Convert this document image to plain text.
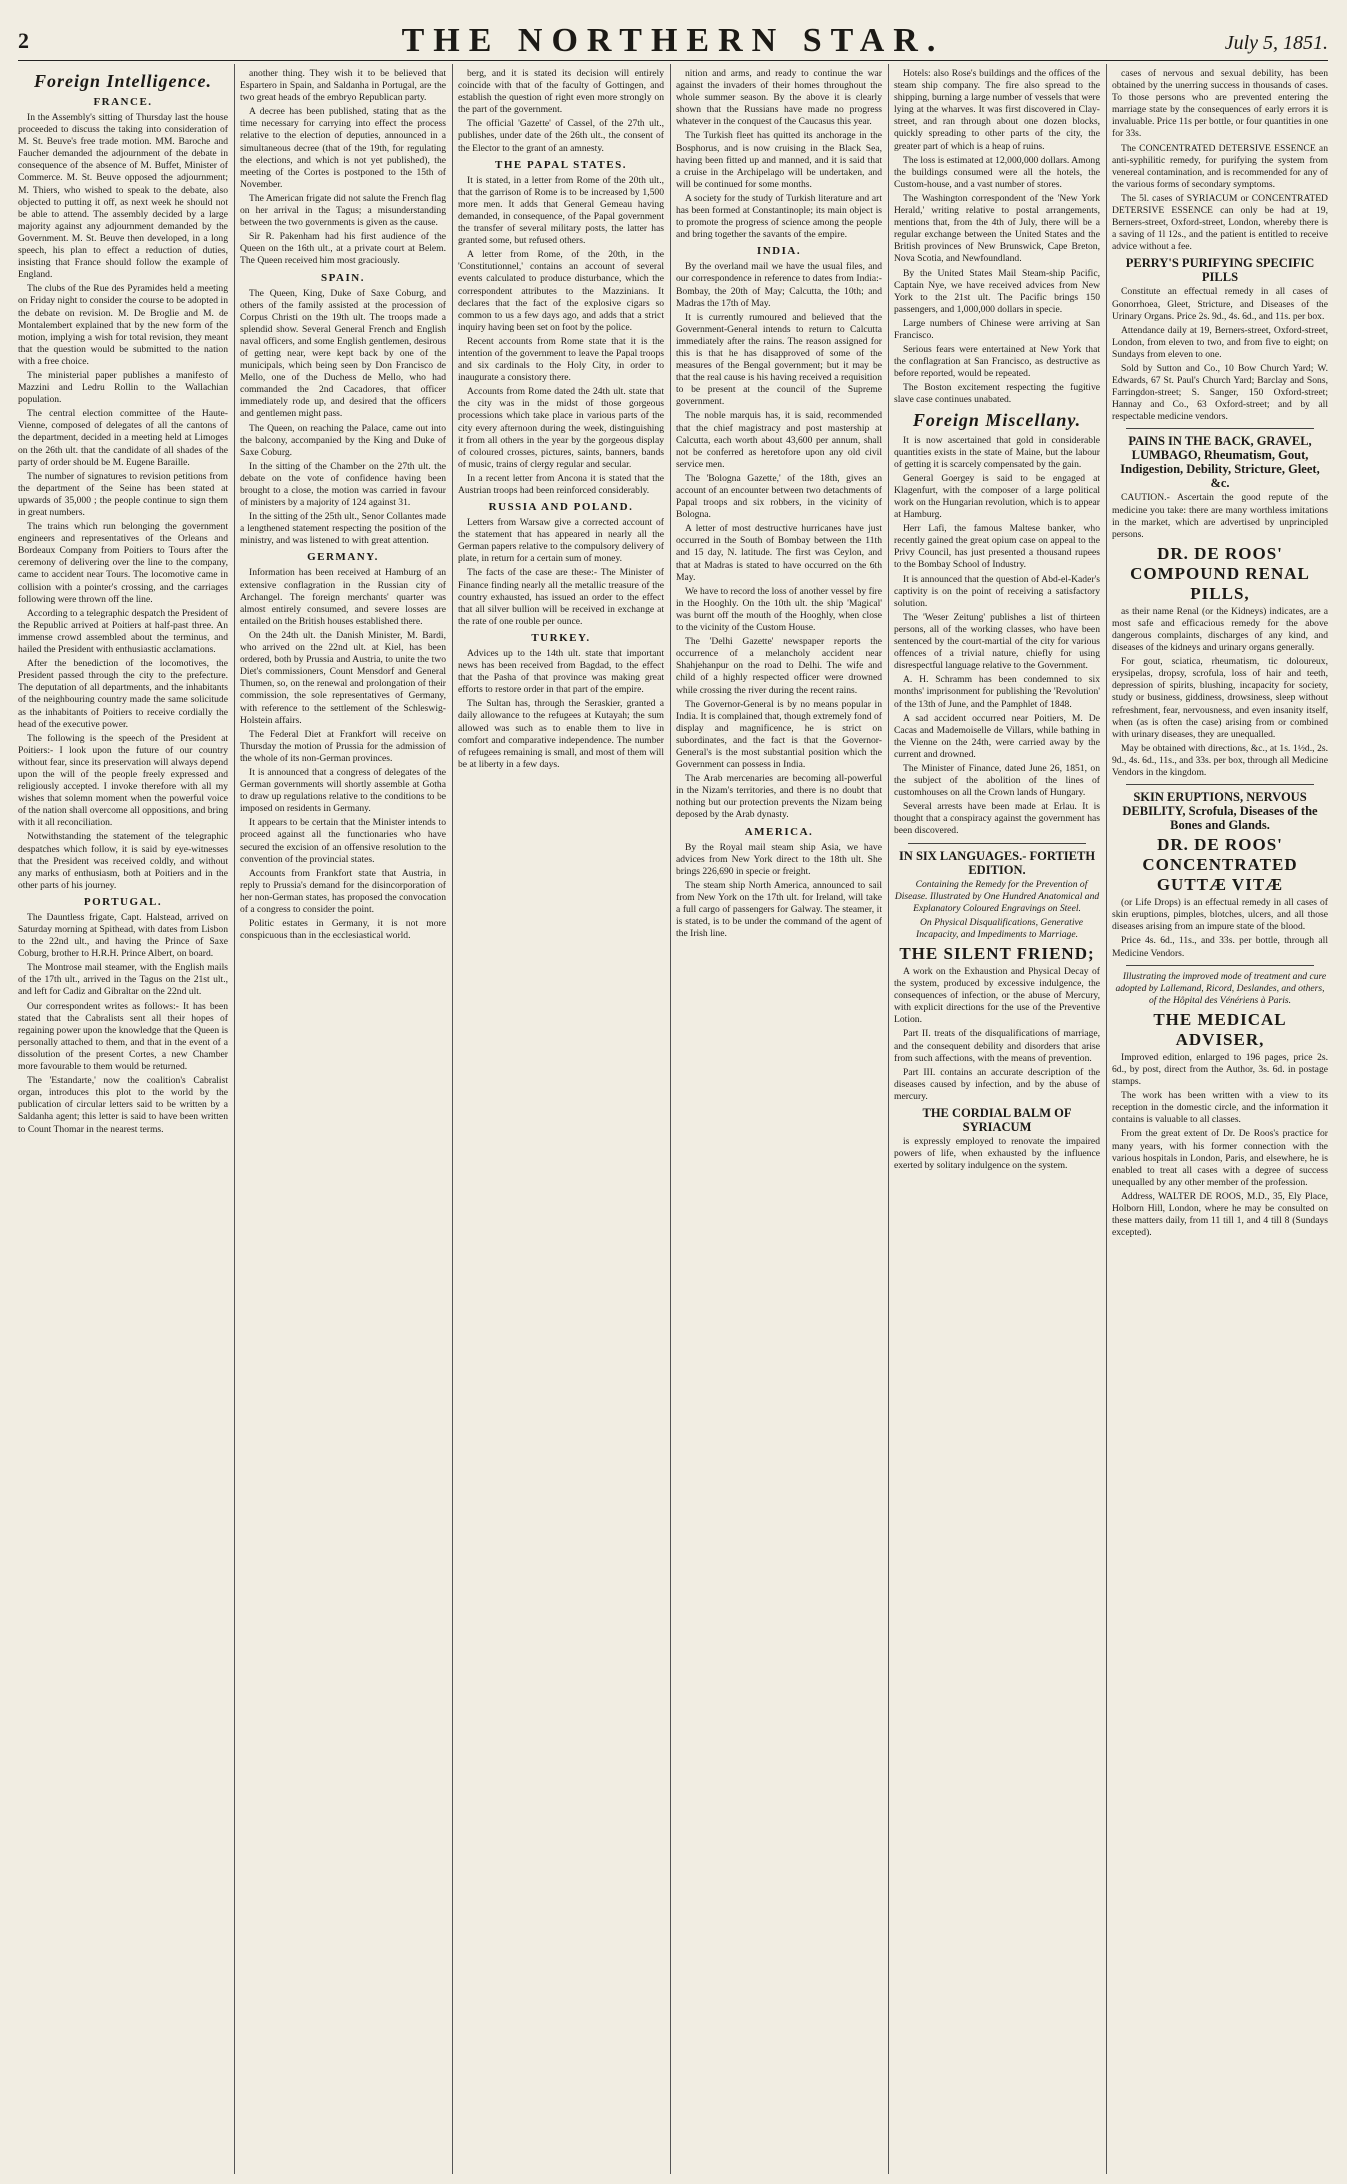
2	THE NORTHERN STAR.	July 5, 1851.
Foreign Intelligence.
FRANCE.

In the Assembly's sitting of Thursday last the house proceeded to discuss the taking into consideration of M. St. Beuve's free trade motion. MM. Baroche and Faucher demanded the adjournment of the debate in consequence of the absence of M. Buffet, Minister of Commerce. M. St. Beuve opposed the adjournment; M. Thiers, who wished to speak to the debate, also objected to putting it off, as next week he should not be able to attend. The assembly decided by a large majority against any adjournment demanded by the Government. M. St. Beuve then developed, in a long speech, his plan to effect a reduction of duties, insisting that France should follow the example of England.

The clubs of the Rue des Pyramides held a meeting on Friday night to consider the course to be adopted in the debate on revision. M. De Broglie and M. de Montalembert explained that by the new form of the motion, implying a wish for total revision, they meant that the question would be submitted to the nation with a free choice.

The ministerial paper publishes a manifesto of Mazzini and Ledru Rollin to the Wallachian population.

The central election committee of the Haute-Vienne, composed of delegates of all the cantons of the department, decided in a meeting held at Limoges on the 26th ult. that the candidate of all shades of the party of order should be M. Eugene Baraille.

The number of signatures to revision petitions from the department of the Seine has been stated at upwards of 35,000 ; the people continue to sign them in great numbers.

The trains which run belonging the government engineers and representatives of the Orleans and Bordeaux Company from Poitiers to Tours after the ceremony of delivering over the line to the company, came to accident near Tours. The locomotive came in collision with a pointer's crossing, and the carriages following were thrown off the line.

According to a telegraphic despatch the President of the Republic arrived at Poitiers at half-past three. An immense crowd assembled about the terminus, and hailed the President with enthusiastic acclamations.

After the benediction of the locomotives, the President passed through the city to the prefecture. The deputation of all departments, and the inhabitants of the neighbouring country made the same solicitude as the inhabitants of Poitiers to receive cordially the head of the executive power.

The following is the speech of the President at Poitiers:- I look upon the future of our country without fear, since its preservation will always depend upon the will of the people freely expressed and religiously accepted. I invoke therefore with all my wishes that solemn moment when the powerful voice of the nation shall overcome all oppositions, and bring with it all reconciliation.

Notwithstanding the statement of the telegraphic despatches which follow, it is said by eye-witnesses that the President was received coldly, and without any marks of enthusiasm, both at Poitiers and in the other parts of his journey.

PORTUGAL.

The Dauntless frigate, Capt. Halstead, arrived on Saturday morning at Spithead, with dates from Lisbon to the 22nd ult., and having the Prince of Saxe Coburg, brother to H.R.H. Prince Albert, on board.

The Montrose mail steamer, with the English mails of the 17th ult., arrived in the Tagus on the 21st ult., and left for Cadiz and Gibraltar on the 22nd ult.

Our correspondent writes as follows:- It has been stated that the Cabralists sent all their hopes of regaining power upon the knowledge that the Queen is personally attached to them, and that in the event of a dissolution of the present Cortes, a new Chamber more favourable to them would be returned.

The 'Estandarte,' now the coalition's Cabralist organ, introduces this plot to the world by the publication of circular letters said to be written by a Saldanha agent; this letter is said to have been written to Count Thomar in the nearest terms.

another thing. They wish it to be believed that Espartero in Spain, and Saldanha in Portugal, are the two great heads of the embryo Republican party.

A decree has been published, stating that as the time necessary for carrying into effect the process relative to the election of deputies, announced in a simultaneous decree (that of the 19th, for regulating the elections, and which is not yet published), the meeting of the Cortes is postponed to the 15th of November.

The American frigate did not salute the French flag on her arrival in the Tagus; a misunderstanding between the two governments is given as the cause.

Sir R. Pakenham had his first audience of the Queen on the 16th ult., at a private court at Belem. The Queen received him most graciously.

SPAIN.

The Queen, King, Duke of Saxe Coburg, and others of the family assisted at the procession of Corpus Christi on the 19th ult. The troops made a splendid show. Several General French and English naval officers, and some English gentlemen, desirous of getting near, were kept back by one of the municipals, which being seen by Don Francisco de Mello, one of the Duchess de Mello, who had commanded the 2nd Cacadores, that officer immediately rode up, and desired that the officers and gentlemen might pass.

The Queen, on reaching the Palace, came out into the balcony, accompanied by the King and Duke of Saxe Coburg.

In the sitting of the Chamber on the 27th ult. the debate on the vote of confidence having been brought to a close, the motion was carried in favour of ministers by a majority of 124 against 31.

In the sitting of the 25th ult., Senor Collantes made a lengthened statement respecting the position of the ministry, and was listened to with great attention.

GERMANY.

Information has been received at Hamburg of an extensive conflagration in the Russian city of Archangel. The foreign merchants' quarter was almost entirely consumed, and severe losses are entailed on the British houses established there.

On the 24th ult. the Danish Minister, M. Bardi, who arrived on the 22nd ult. at Kiel, has been ordered, both by Prussia and Austria, to unite the two Diet's commissioners, Count Mensdorf and General Thumen, so, on the renewal and prolongation of their commission, the sole representatives of Germany, with reference to the settlement of the Schleswig-Holstein affairs.

The Federal Diet at Frankfort will receive on Thursday the motion of Prussia for the admission of the whole of its non-German provinces.

It is announced that a congress of delegates of the German governments will shortly assemble at Gotha to draw up regulations relative to the conditions to be imposed on residents in Germany.

It appears to be certain that the Minister intends to proceed against all the functionaries who have secured the excision of an offensive resolution to the convention of the provincial states.

Accounts from Frankfort state that Austria, in reply to Prussia's demand for the disincorporation of her non-German states, has proposed the convocation of a congress to consider the point.

Politic estates in Germany, it is not more conspicuous than in the ecclesiastical world.

berg, and it is stated its decision will entirely coincide with that of the faculty of Gottingen, and establish the question of right even more strongly on the part of the government.

The official 'Gazette' of Cassel, of the 27th ult., publishes, under date of the 26th ult., the consent of the Elector to the grant of an amnesty.

THE PAPAL STATES.

It is stated, in a letter from Rome of the 20th ult., that the garrison of Rome is to be increased by 1,500 more men. It adds that General Gemeau having demanded, in consequence, of the Papal government the transfer of several military posts, the latter has granted some, but refused others.

A letter from Rome, of the 20th, in the 'Constitutionnel,' contains an account of several events calculated to produce disturbance, which the correspondent attributes to the Mazzinians. It declares that the fact of the explosive cigars so common to us a few days ago, and adds that a strict inquiry having been set on foot by the police.

Recent accounts from Rome state that it is the intention of the government to leave the Papal troops and six cardinals to the Holy City, in order to inaugurate a consistory there.

Accounts from Rome dated the 24th ult. state that the city was in the midst of those gorgeous processions which take place in various parts of the city every afternoon during the week, distinguishing it from all others in the year by the gorgeous display of coloured crosses, pictures, saints, banners, bands of music, trains of clergy regular and secular.

In a recent letter from Ancona it is stated that the Austrian troops had been reinforced considerably.

RUSSIA AND POLAND.

Letters from Warsaw give a corrected account of the statement that has appeared in nearly all the German papers relative to the compulsory delivery of plate, in return for a certain sum of money.

The facts of the case are these:- The Minister of Finance finding nearly all the metallic treasure of the country exhausted, has issued an order to the effect that all silver bullion will be received in exchange at the rate of one rouble per ounce.

TURKEY.

Advices up to the 14th ult. state that important news has been received from Bagdad, to the effect that the Pasha of that province was making great efforts to restore order in that part of the empire.

The Sultan has, through the Seraskier, granted a daily allowance to the refugees at Kutayah; the sum allowed was such as to enable them to live in comfort and comparative independence. The number of refugees remaining is small, and most of them will be at liberty in a few days.

nition and arms, and ready to continue the war against the invaders of their homes throughout the whole summer season. By the above it is clearly shown that the Russians have made no progress whatever in the conquest of the Caucasus this year.

The Turkish fleet has quitted its anchorage in the Bosphorus, and is now cruising in the Black Sea, having been fitted up and manned, and it is said that a cruise in the Archipelago will be undertaken, and will be continued for some months.

A society for the study of Turkish literature and art has been formed at Constantinople; its main object is to promote the progress of science among the people and bring together the savants of the empire.

INDIA.

By the overland mail we have the usual files, and our correspondence in reference to dates from India:- Bombay, the 20th of May; Calcutta, the 10th; and Madras the 17th of May.

It is currently rumoured and believed that the Government-General intends to return to Calcutta immediately after the rains. The reason assigned for this is that he has disapproved of some of the measures of the Bengal government; but it may be that the real cause is his having received a requisition to be present at the council of the Supreme government.

The noble marquis has, it is said, recommended that the chief magistracy and post mastership at Calcutta, each worth about 43,600 per annum, shall not be conferred as heretofore upon any old civil service men.

The 'Bologna Gazette,' of the 18th, gives an account of an encounter between two detachments of Papal troops and six robbers, in the vicinity of Bologna.

A letter of most destructive hurricanes have just occurred in the South of Bombay between the 11th and 15 day, N. latitude. The first was Ceylon, and that at Madras is stated to have occurred on the 6th May.

We have to record the loss of another vessel by fire in the Hooghly. On the 10th ult. the ship 'Magical' was burnt off the mouth of the Hooghly, when close to the vicinity of the Custom House.

The 'Delhi Gazette' newspaper reports the occurrence of a melancholy accident near Shahjehanpur on the road to Delhi. The wife and child of a highly respected officer were drowned while crossing the river during the recent rains.

The Governor-General is by no means popular in India. It is complained that, though extremely fond of display and magnificence, he is strict on subordinates, and the fact is that the Governor-General's is the most substantial position which the Government can possess in India.

The Arab mercenaries are becoming all-powerful in the Nizam's territories, and there is no doubt that nothing but our protection prevents the Nizam being deposed by the Arab dynasty.

AMERICA.

By the Royal mail steam ship Asia, we have advices from New York direct to the 18th ult. She brings 226,690 in specie or freight.

The steam ship North America, announced to sail from New York on the 17th ult. for Ireland, will take a full cargo of passengers for Galway. The steamer, it is stated, is to be under the command of the agent of the Irish line.

Hotels: also Rose's buildings and the offices of the steam ship company. The fire also spread to the shipping, burning a large number of vessels that were lying at the wharves. It was first discovered in Clay-street, and ran through about one dozen blocks, quickly spreading to other parts of the city, the greater part of which is a heap of ruins.

The loss is estimated at 12,000,000 dollars. Among the buildings consumed were all the hotels, the Custom-house, and a vast number of stores.

The Washington correspondent of the 'New York Herald,' writing relative to postal arrangements, mentions that, from the 4th of July, there will be a regular exchange between the United States and the British provinces of New Brunswick, Cape Breton, Nova Scotia, and Newfoundland.

By the United States Mail Steam-ship Pacific, Captain Nye, we have received advices from New York to the 21st ult. The Pacific brings 150 passengers, and 1,000,000 dollars in specie.

Large numbers of Chinese were arriving at San Francisco.

Serious fears were entertained at New York that the conflagration at San Francisco, as destructive as before reported, would be repeated.

The Boston excitement respecting the fugitive slave case continues unabated.

Foreign Miscellany.

It is now ascertained that gold in considerable quantities exists in the state of Maine, but the labour of getting it is scarcely compensated by the gain.

General Goergey is said to be engaged at Klagenfurt, with the composer of a large political work on the Hungarian revolution, which is to appear at Hamburg.

Herr Lafi, the famous Maltese banker, who recently gained the great opium case on appeal to the Privy Council, has just presented a thousand rupees to the Bombay School of Industry.

It is announced that the question of Abd-el-Kader's captivity is on the point of receiving a satisfactory solution.

The 'Weser Zeitung' publishes a list of thirteen persons, all of the working classes, who have been sentenced by the court-martial of the city for various offences of a trivial nature, chiefly for using disrespectful language relative to the Government.

A. H. Schramm has been condemned to six months' imprisonment for publishing the 'Revolution' of the 13th of June, and the Pamphlet of 1848.

A sad accident occurred near Poitiers, M. De Cacas and Mademoiselle de Villars, while bathing in the Vienne on the 24th, were carried away by the current and drowned.

The Minister of Finance, dated June 26, 1851, on the subject of the abolition of the lines of customhouses on all the Crown lands of Hungary.

Several arrests have been made at Erlau. It is thought that a conspiracy against the government has been discovered.

IN SIX LANGUAGES.- FORTIETH EDITION.

Containing the Remedy for the Prevention of Disease. Illustrated by One Hundred Anatomical and Explanatory Coloured Engravings on Steel.

On Physical Disqualifications, Generative Incapacity, and Impediments to Marriage.

THE SILENT FRIEND;

A work on the Exhaustion and Physical Decay of the system, produced by excessive indulgence, the consequences of infection, or the abuse of Mercury, with explicit directions for the use of the Preventive Lotion.

Part II. treats of the disqualifications of marriage, and the consequent debility and disorders that arise from such affections, with the means of prevention.

Part III. contains an accurate description of the diseases caused by infection, and by the abuse of mercury.

THE CORDIAL BALM OF SYRIACUM

is expressly employed to renovate the impaired powers of life, when exhausted by the influence exerted by solitary indulgence on the system.

cases of nervous and sexual debility, has been obtained by the unerring success in thousands of cases. To those persons who are prevented entering the marriage state by the consequences of early errors it is invaluable. Price 11s per bottle, or four quantities in one for 33s.

The CONCENTRATED DETERSIVE ESSENCE an anti-syphilitic remedy, for purifying the system from venereal contamination, and is recommended for any of the various forms of secondary symptoms.

The 5l. cases of SYRIACUM or CONCENTRATED DETERSIVE ESSENCE can only be had at 19, Berners-street, Oxford-street, London, whereby there is a saving of 1l 12s., and the patient is entitled to receive advice without a fee.

PERRY'S PURIFYING SPECIFIC PILLS

Constitute an effectual remedy in all cases of Gonorrhoea, Gleet, Stricture, and Diseases of the Urinary Organs. Price 2s. 9d., 4s. 6d., and 11s. per box.

Attendance daily at 19, Berners-street, Oxford-street, London, from eleven to two, and from five to eight; on Sundays from eleven to one.

Sold by Sutton and Co., 10 Bow Church Yard; W. Edwards, 67 St. Paul's Church Yard; Barclay and Sons, Farringdon-street; S. Sanger, 150 Oxford-street; Hannay and Co., 63 Oxford-street; and by all respectable medicine vendors.

PAINS IN THE BACK, GRAVEL, LUMBAGO, Rheumatism, Gout, Indigestion, Debility, Stricture, Gleet, &c.

CAUTION.- Ascertain the good repute of the medicine you take: there are many worthless imitations in the market, which are advertised by unprincipled persons.

DR. DE ROOS' COMPOUND RENAL PILLS,

as their name Renal (or the Kidneys) indicates, are a most safe and efficacious remedy for the above dangerous complaints, discharges of any kind, and diseases of the kidneys and urinary organs generally.

For gout, sciatica, rheumatism, tic doloureux, erysipelas, dropsy, scrofula, loss of hair and teeth, depression of spirits, blushing, incapacity for society, study or business, giddiness, drowsiness, sleep without refreshment, fear, nervousness, and even insanity itself, when (as is often the case) arising from or combined with urinary diseases, they are unequalled.

May be obtained with directions, &c., at 1s. 1½d., 2s. 9d., 4s. 6d., 11s., and 33s. per box, through all Medicine Vendors in the kingdom.

SKIN ERUPTIONS, NERVOUS DEBILITY, Scrofula, Diseases of the Bones and Glands.
DR. DE ROOS' CONCENTRATED GUTTÆ VITÆ

(or Life Drops) is an effectual remedy in all cases of skin eruptions, pimples, blotches, ulcers, and all those diseases arising from an impure state of the blood.

Price 4s. 6d., 11s., and 33s. per bottle, through all Medicine Vendors.

Illustrating the improved mode of treatment and cure adopted by Lallemand, Ricord, Deslandes, and others, of the Hôpital des Vénériens à Paris.

THE MEDICAL ADVISER,

Improved edition, enlarged to 196 pages, price 2s. 6d., by post, direct from the Author, 3s. 6d. in postage stamps.

The work has been written with a view to its reception in the domestic circle, and the information it contains is valuable to all classes.

From the great extent of Dr. De Roos's practice for many years, with his former connection with the various hospitals in London, Paris, and elsewhere, he is enabled to treat all cases with a degree of success unequalled by any other member of the profession.

Address, WALTER DE ROOS, M.D., 35, Ely Place, Holborn Hill, London, where he may be consulted on these matters daily, from 11 till 1, and 4 till 8 (Sundays excepted).
